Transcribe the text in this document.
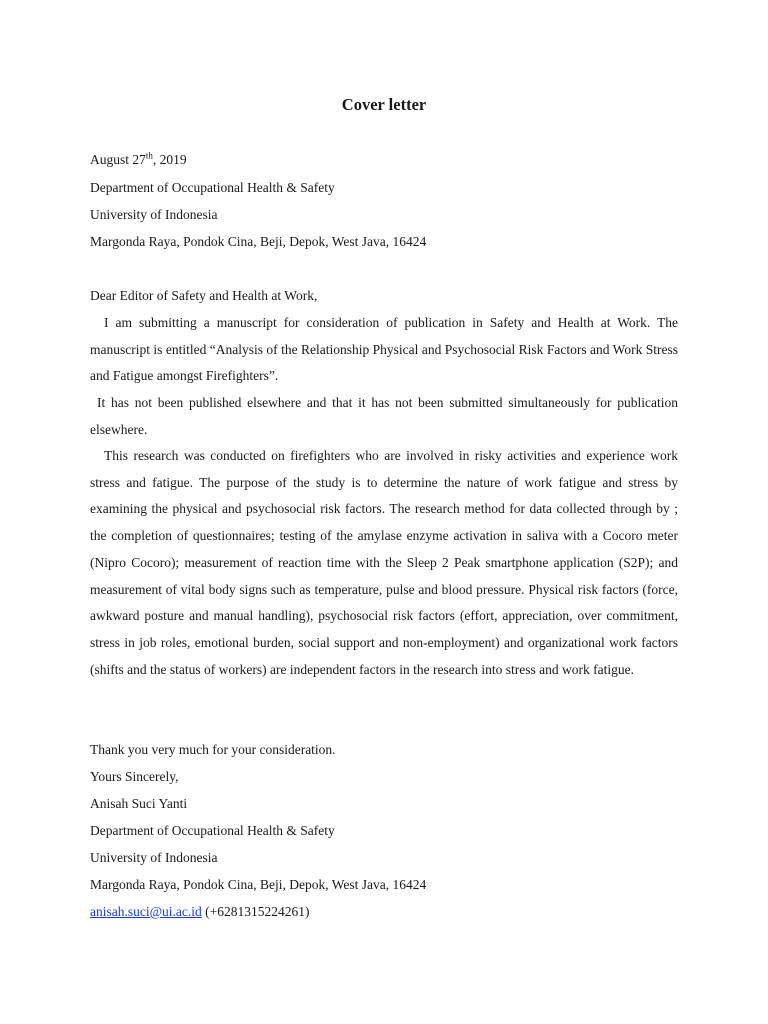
Cover letter
August 27th, 2019
Department of Occupational Health & Safety
University of Indonesia
Margonda Raya, Pondok Cina, Beji, Depok, West Java, 16424
Dear Editor of Safety and Health at Work,
I am submitting a manuscript for consideration of publication in Safety and Health at Work. The manuscript is entitled “Analysis of the Relationship Physical and Psychosocial Risk Factors and Work Stress and Fatigue amongst Firefighters”.
It has not been published elsewhere and that it has not been submitted simultaneously for publication elsewhere.
This research was conducted on firefighters who are involved in risky activities and experience work stress and fatigue. The purpose of the study is to determine the nature of work fatigue and stress by examining the physical and psychosocial risk factors. The research method for data collected through by ; the completion of questionnaires; testing of the amylase enzyme activation in saliva with a Cocoro meter (Nipro Cocoro); measurement of reaction time with the Sleep 2 Peak smartphone application (S2P); and measurement of vital body signs such as temperature, pulse and blood pressure. Physical risk factors (force, awkward posture and manual handling), psychosocial risk factors (effort, appreciation, over commitment, stress in job roles, emotional burden, social support and non-employment) and organizational work factors (shifts and the status of workers) are independent factors in the research into stress and work fatigue.
Thank you very much for your consideration.
Yours Sincerely,
Anisah Suci Yanti
Department of Occupational Health & Safety
University of Indonesia
Margonda Raya, Pondok Cina, Beji, Depok, West Java, 16424
anisah.suci@ui.ac.id (+6281315224261)
